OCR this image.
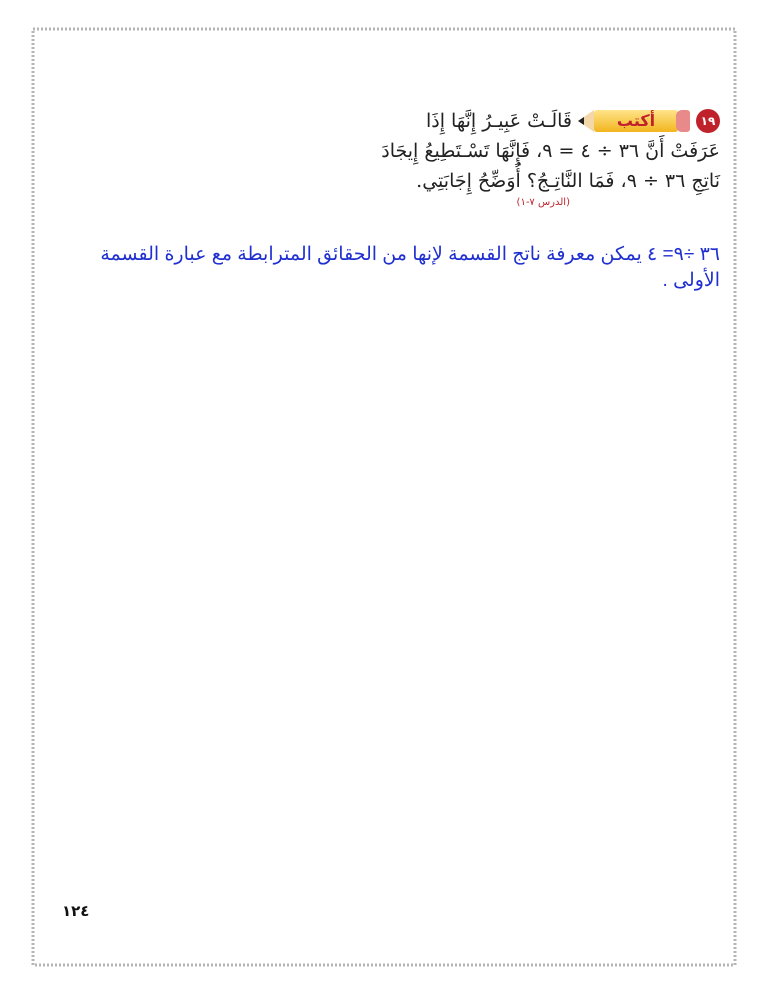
١٩
أكتب
قَالَـتْ عَبِيـرُ إِنَّهَا إِذَا
عَرَفَتْ أَنَّ ٣٦ ÷ ٤ = ٩، فَإِنَّهَا تَسْـتَطِيعُ إِيجَادَ
نَاتِجِ ٣٦ ÷ ٩، فَمَا النَّاتِـجُ؟ أُوَضِّحُ إِجَابَتِي.
(الدرس ٧-١)
٣٦ ÷٩= ٤ يمكن معرفة ناتج القسمة لإنها من الحقائق المترابطة مع عبارة القسمة
الأولى .
١٢٤
